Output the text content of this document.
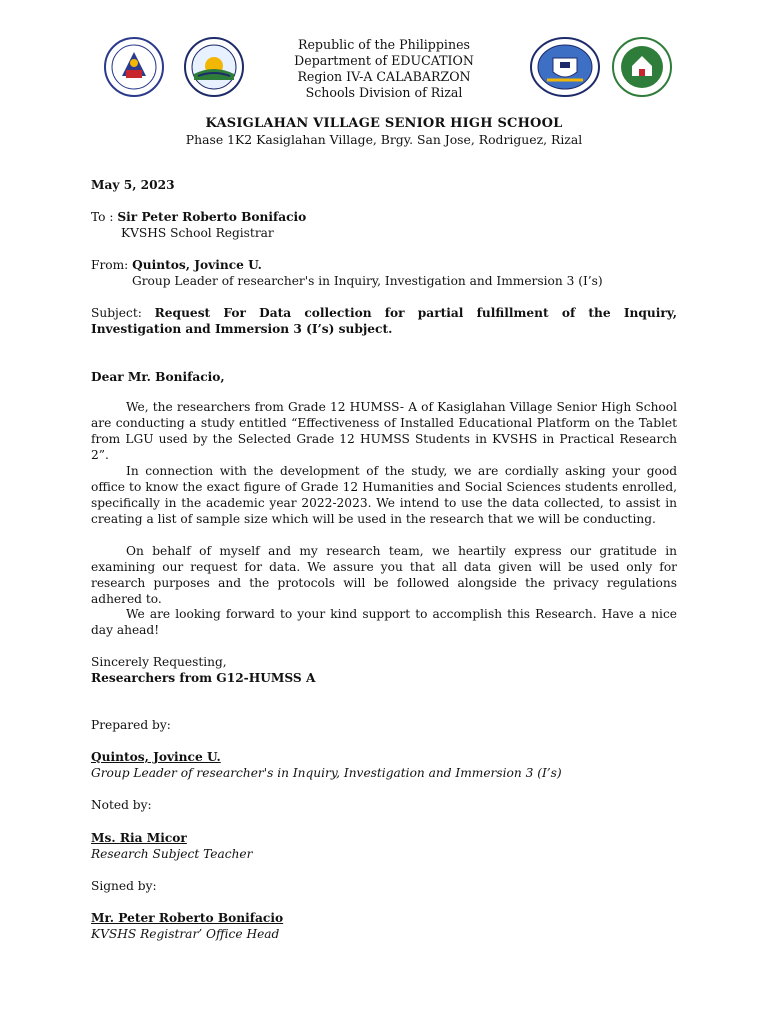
Republic of the Philippines
Department of EDUCATION
Region IV-A CALABARZON
Schools Division of Rizal
KASIGLAHAN VILLAGE SENIOR HIGH SCHOOL
Phase 1K2 Kasiglahan Village, Brgy. San Jose, Rodriguez, Rizal
May 5, 2023
To : Sir Peter Roberto Bonifacio
KVSHS School Registrar
From: Quintos, Jovince U.
Group Leader of researcher's in Inquiry, Investigation and Immersion 3 (I’s)
Subject: Request For Data collection for partial fulfillment of the Inquiry, Investigation and Immersion 3 (I’s) subject.
Dear Mr. Bonifacio,

We, the researchers from Grade 12 HUMSS- A of Kasiglahan Village Senior High School are conducting a study entitled “Effectiveness of Installed Educational Platform on the Tablet from LGU used by the Selected Grade 12 HUMSS Students in KVSHS in Practical Research 2”.

In connection with the development of the study, we are cordially asking your good office to know the exact figure of Grade 12 Humanities and Social Sciences students enrolled, specifically in the academic year 2022-2023. We intend to use the data collected, to assist in creating a list of sample size which will be used in the research that we will be conducting.

On behalf of myself and my research team, we heartily express our gratitude in examining our request for data. We assure you that all data given will be used only for research purposes and the protocols will be followed alongside the privacy regulations adhered to.

We are looking forward to your kind support to accomplish this Research. Have a nice day ahead!

Sincerely Requesting,
Researchers from G12-HUMSS A
Prepared by:
Quintos, Jovince U.
Group Leader of researcher's in Inquiry, Investigation and Immersion 3 (I’s)
Noted by:
Ms. Ria Micor
Research Subject Teacher
Signed by:
Mr. Peter Roberto Bonifacio
KVSHS Registrar’ Office Head
